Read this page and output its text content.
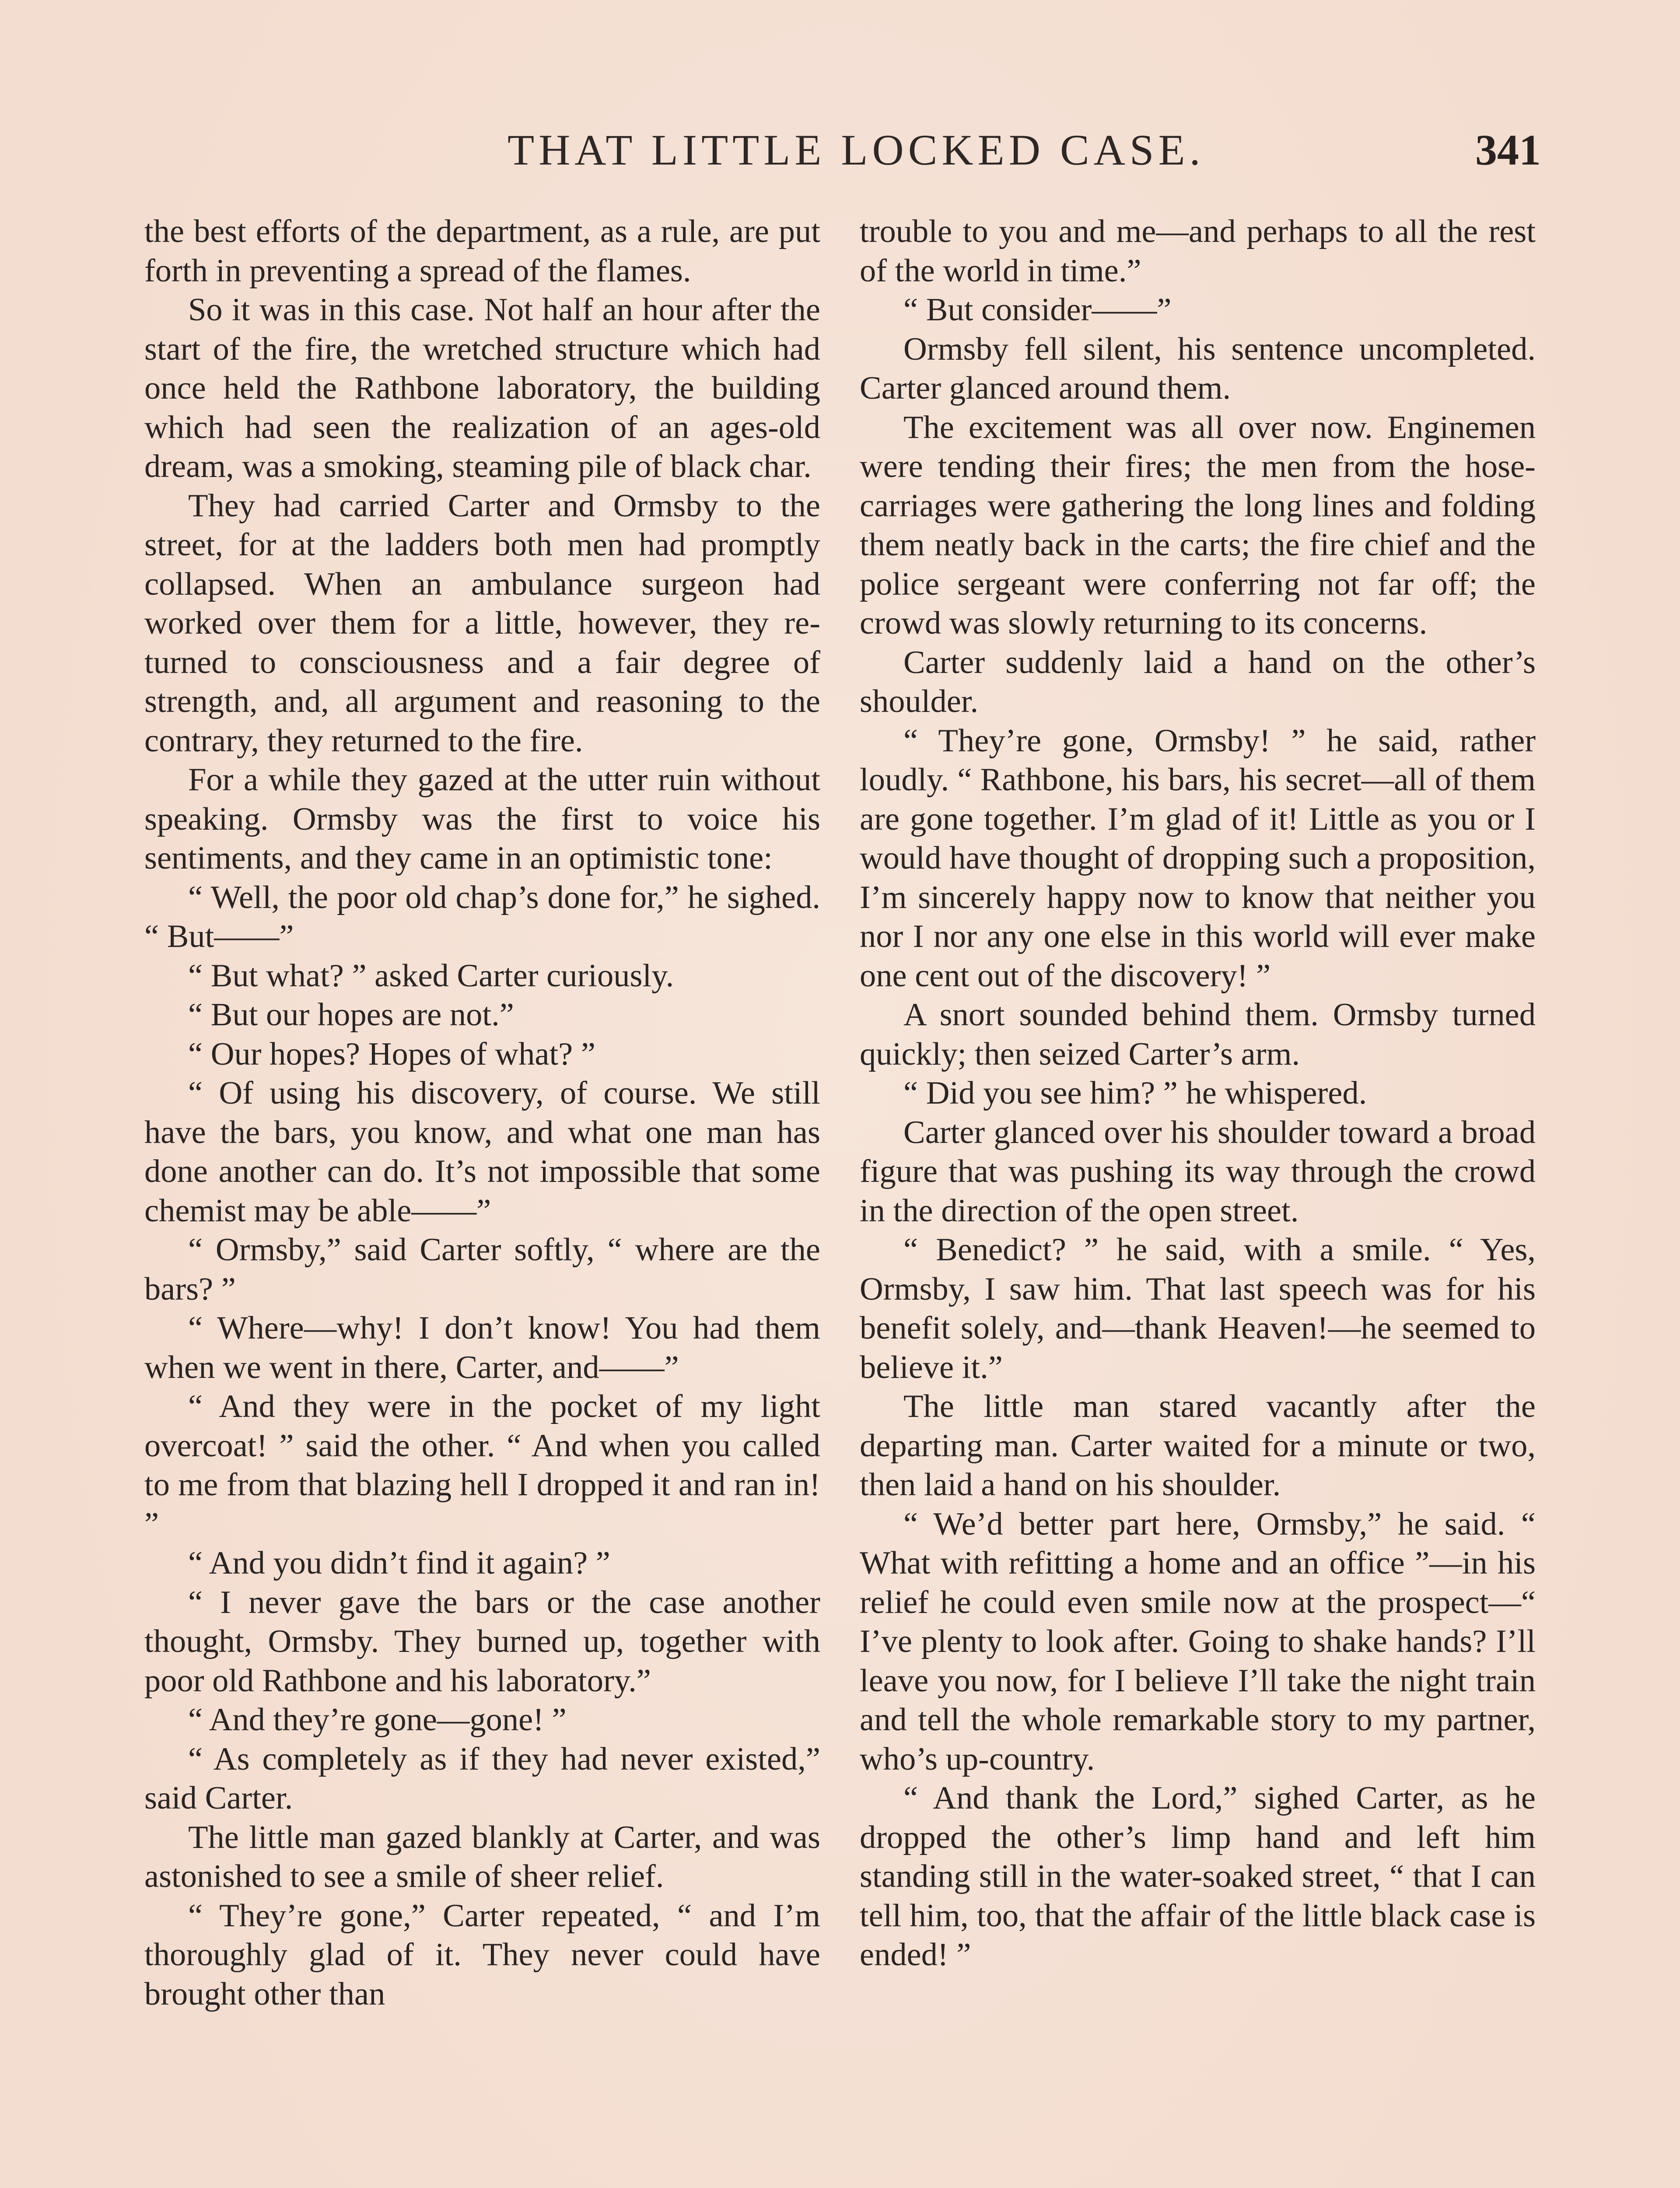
THAT LITTLE LOCKED CASE.	341

the best efforts of the department, as a rule, are put forth in preventing a spread of the flames.

So it was in this case. Not half an hour after the start of the fire, the wretched structure which had once held the Rathbone laboratory, the building which had seen the realization of an ages-old dream, was a smoking, steaming pile of black char.

They had carried Carter and Ormsby to the street, for at the ladders both men had promptly collapsed. When an ambulance surgeon had worked over them for a little, however, they returned to consciousness and a fair degree of strength, and, all argument and reasoning to the contrary, they returned to the fire.

For a while they gazed at the utter ruin without speaking. Ormsby was the first to voice his sentiments, and they came in an optimistic tone:

“ Well, the poor old chap’s done for,” he sighed. “ But——”

“ But what? ” asked Carter curiously.

“ But our hopes are not.”

“ Our hopes? Hopes of what? ”

“ Of using his discovery, of course. We still have the bars, you know, and what one man has done another can do. It’s not impossible that some chemist may be able——”

“ Ormsby,” said Carter softly, “ where are the bars? ”

“ Where—why! I don’t know! You had them when we went in there, Carter, and——”

“ And they were in the pocket of my light overcoat! ” said the other. “ And when you called to me from that blazing hell I dropped it and ran in! ”

“ And you didn’t find it again? ”

“ I never gave the bars or the case another thought, Ormsby. They burned up, together with poor old Rathbone and his laboratory.”

“ And they’re gone—gone! ”

“ As completely as if they had never existed,” said Carter.

The little man gazed blankly at Carter, and was astonished to see a smile of sheer relief.

“ They’re gone,” Carter repeated, “ and I’m thoroughly glad of it. They never could have brought other than

trouble to you and me—and perhaps to all the rest of the world in time.”

“ But consider——”

Ormsby fell silent, his sentence uncompleted. Carter glanced around them.

The excitement was all over now. Enginemen were tending their fires; the men from the hose-carriages were gathering the long lines and folding them neatly back in the carts; the fire chief and the police sergeant were conferring not far off; the crowd was slowly returning to its concerns.

Carter suddenly laid a hand on the other’s shoulder.

“ They’re gone, Ormsby! ” he said, rather loudly. “ Rathbone, his bars, his secret—all of them are gone together. I’m glad of it! Little as you or I would have thought of dropping such a proposition, I’m sincerely happy now to know that neither you nor I nor any one else in this world will ever make one cent out of the discovery! ”

A snort sounded behind them. Ormsby turned quickly; then seized Carter’s arm.

“ Did you see him? ” he whispered.

Carter glanced over his shoulder toward a broad figure that was pushing its way through the crowd in the direction of the open street.

“ Benedict? ” he said, with a smile. “ Yes, Ormsby, I saw him. That last speech was for his benefit solely, and—thank Heaven!—he seemed to believe it.”

The little man stared vacantly after the departing man. Carter waited for a minute or two, then laid a hand on his shoulder.

“ We’d better part here, Ormsby,” he said. “ What with refitting a home and an office ”—in his relief he could even smile now at the prospect—“ I’ve plenty to look after. Going to shake hands? I’ll leave you now, for I believe I’ll take the night train and tell the whole remarkable story to my partner, who’s up-country.

“ And thank the Lord,” sighed Carter, as he dropped the other’s limp hand and left him standing still in the water-soaked street, “ that I can tell him, too, that the affair of the little black case is ended! ”
